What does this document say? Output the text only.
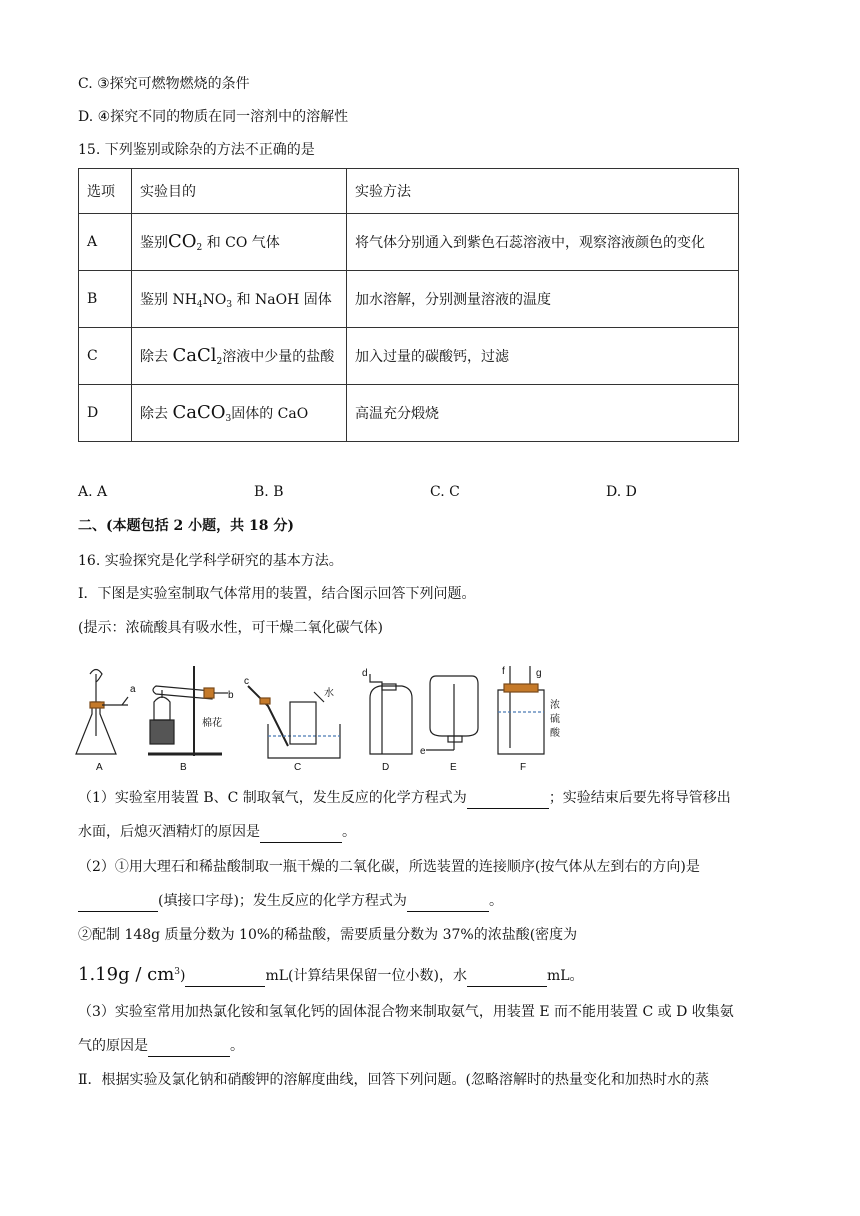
C. ③探究可燃物燃烧的条件
D. ④探究不同的物质在同一溶剂中的溶解性
15. 下列鉴别或除杂的方法不正确的是
选项	实验目的	实验方法
A	鉴别$CO_2$ 和 CO 气体	将气体分别通入到紫色石蕊溶液中，观察溶液颜色的变化
B	鉴别 $NH_4NO_3$ 和 NaOH 固体	加水溶解，分别测量溶液的温度
C	除去 CaCl$_2$溶液中少量的盐酸	加入过量的碳酸钙，过滤
D	除去 CaCO$_3$固体的 CaO	高温充分煅烧
A. A	B. B	C. C	D. D
二、(本题包括 2 小题，共 18 分)
16. 实验探究是化学科学研究的基本方法。
Ⅰ．下图是实验室制取气体常用的装置，结合图示回答下列问题。
(提示：浓硫酸具有吸水性，可干燥二氧化碳气体)
A	B	C	D	E	F
a
b
c
d
e
f	g
棉花
水
浓
硫
酸
（1）实验室用装置 B、C 制取氧气，发生反应的化学方程式为	；实验结束后要先将导管移出
水面，后熄灭酒精灯的原因是	。
（2）①用大理石和稀盐酸制取一瓶干燥的二氧化碳，所选装置的连接顺序(按气体从左到右的方向)是
(填接口字母)；发生反应的化学方程式为	。
②配制 148g 质量分数为 10%的稀盐酸，需要质量分数为 37%的浓盐酸(密度为
$1.19g / cm^3$)	mL(计算结果保留一位小数)，水	mL。
（3）实验室常用加热氯化铵和氢氧化钙的固体混合物来制取氨气，用装置 E 而不能用装置 C 或 D 收集氨
气的原因是	。
Ⅱ．根据实验及氯化钠和硝酸钾的溶解度曲线，回答下列问题。(忽略溶解时的热量变化和加热时水的蒸
